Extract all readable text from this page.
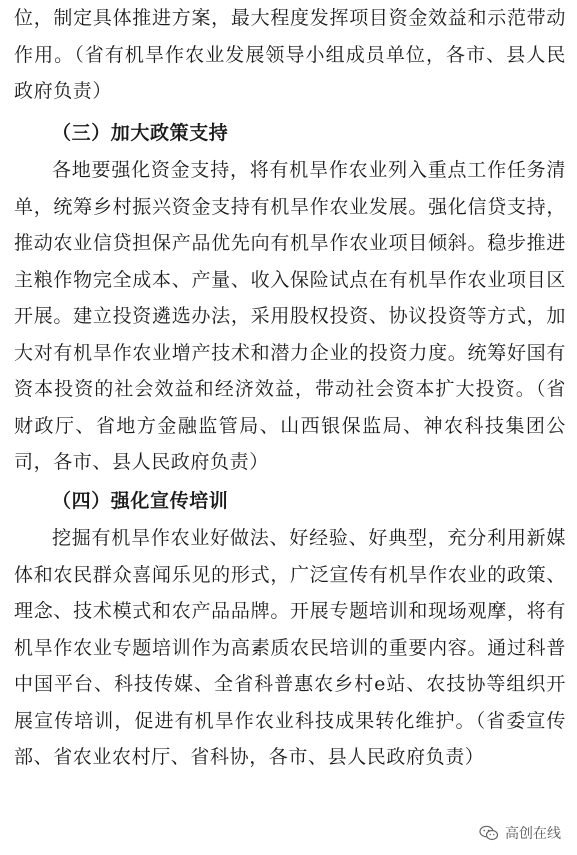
位，制定具体推进方案，最大程度发挥项目资金效益和示范带动作用。（省有机旱作农业发展领导小组成员单位，各市、县人民政府负责）

（三）加大政策支持

各地要强化资金支持，将有机旱作农业列入重点工作任务清单，统筹乡村振兴资金支持有机旱作农业发展。强化信贷支持，推动农业信贷担保产品优先向有机旱作农业项目倾斜。稳步推进主粮作物完全成本、产量、收入保险试点在有机旱作农业项目区开展。建立投资遴选办法，采用股权投资、协议投资等方式，加大对有机旱作农业增产技术和潜力企业的投资力度。统筹好国有资本投资的社会效益和经济效益，带动社会资本扩大投资。（省财政厅、省地方金融监管局、山西银保监局、神农科技集团公司，各市、县人民政府负责）

（四）强化宣传培训

挖掘有机旱作农业好做法、好经验、好典型，充分利用新媒体和农民群众喜闻乐见的形式，广泛宣传有机旱作农业的政策、理念、技术模式和农产品品牌。开展专题培训和现场观摩，将有机旱作农业专题培训作为高素质农民培训的重要内容。通过科普中国平台、科技传媒、全省科普惠农乡村e站、农技协等组织开展宣传培训，促进有机旱作农业科技成果转化维护。（省委宣传部、省农业农村厅、省科协，各市、县人民政府负责）

高创在线
